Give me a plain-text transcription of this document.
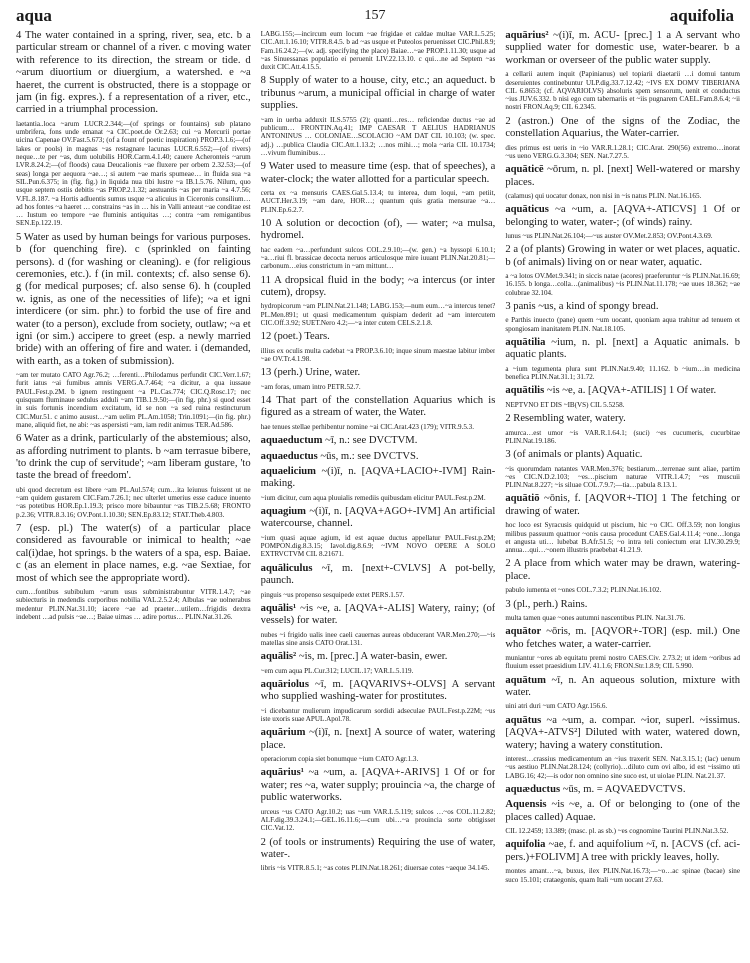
aqua	157	aquifolia

4 The water contained in a spring, river, sea, etc. b a particular stream or channel of a river. c moving water with reference to its direction, the stream or tide. d ~arum diuortium or diuergium, a watershed. e ~a haeret, the current is obstructed, there is a stoppage or jam (in fig. expres.). f a representation of a river, etc., carried in a triumphal procession.

laetantia..loca ~arum LUCR.2.344;—(of springs or fountains) sub platano umbrifera, fons unde emanat ~a CIC.poet.de Or.2.63; cui ~a Mercurii portae uicina Capenae OV.Fast.5.673; (of a fount of poetic inspiration) PROP.3.1.6;—(of lakes or pools) in magnas ~as restagnare lacunas LUCR.6.552;—(of rivers) neque…te per ~as, dum uolubilis HOR.Carm.4.1.40; cauere Acheronteis ~arum LVR.8.24.2;—(of floods) caua Deucalionis ~ae fluxere per orbem 2.32.53;—(of seas) longa per aequora ~ae…; si autem ~ae maris spumeae… in fluida sua ~a SIL.Pun.6.375; in (fig. fig.) in liquida nua tibi lustre ~a IB.1.5.76. Nilum, quo usque septem ostiis debitis ~as PROP.2.1.32; aestuantis ~as per maria ~a 4.7.56; V.FL.8.187. ~a Hortis adluentis sumus usque ~a alicuius in Ciceronis consilium…ad hos fontes ~a haeret … constrains ~as in … his in Valli anteaut ~ae conditae est … Iustum eo tempore ~ae fluminis antiquitas …; contra ~am remigantibus SEN.Ep.122.19.

5 Water as used by human beings for various purposes. b (for quenching fire). c (sprinkled on fainting persons). d (for washing or cleaning). e (for religious ceremonies, etc.). f (in mil. contexts; cf. also sense 6). g (for medical purposes; cf. also sense 6). h (coupled w. ignis, as one of the necessities of life); ~a et igni interdicere (or sim. phr.) to forbid the use of fire and water (to a person), exclude from society, outlaw; ~a et igni (or sim.) accipere to greet (esp. a newly married bride) with an offering of fire and water. i (demanded, with earth, as a token of submission).

~am ter mutato CATO Agr.76.2; …ferenti…Philodamus perfundit CIC.Verr.1.67; furit iatus ~ai fumibus amnis VERG.A.7.464; ~a dicitur, a qua iussaue PAUL.Fest.p.2M. b ignem restinguent ~a PL.Cas.774; CIC.Q.Rosc.17; nec quisquam fluminaue sedulus adduli ~am TIB.1.9.50;—(in fig. phr.) si quod esset in suis fortunis incendium excitatum, id se non ~a sed ruina restincturum CIC.Mur.51. c animo ausust…~am uelim PL.Am.1058; Trin.1091;—(in fig. phr.) mane, aliquid fiet, ne abi: ~as aspersisti ~am, iam redit animus TER.Ad.586.

6 Water as a drink, particularly of the abstemious; also, as affording nutriment to plants. b ~am terrasue bibere, 'to drink the cup of servitude'; ~am liberam gustare, 'to taste the bread of freedom'.

ubi quod decretum est libere ~am PL.Aul.574; cum…ita leiunus fuissent ut ne ~am quidem gustarem CIC.Fam.7.26.1; nec ulterlet umerius esse caduce inuento ~as potetibus HOR.Ep.1.19.3; prisco more bibauntur ~as TIB.2.5.68; FRONTO p.2.36; VITR.8.3.16; OV.Pont.1.10.30; SEN.Ep.83.12; STAT.Theb.4.803.

7 (esp. pl.) The water(s) of a particular place considered as favourable or inimical to health; ~ae cal(i)dae, hot springs. b the waters of a spa, esp. Baiae. c (as an element in place names, e.g. ~ae Sextiae, for most of which see the appropriate word).

cum…fontibus subibulum ~arum usus subministrabuntur VITR.1.4.7; ~ae subiecturis in medendis corporibus nobilia VAL.2.5.2.4; Albulas ~ae uolnerabus medentur PLIN.Nat.31.10; iacere ~ae ad praeter…utilem…frigidis dextra indebent …ad pulsis ~ae…; Baiae uimas … adire portus… PLIN.Nat.31.26.

LABG.155;—incircum eum locum ~ae frigidae et caldae multae VAR.L.5.25; CIC.Att.1.16.10; VITR.8.4.5. b ad ~as usque et Puteolos peruenisset CIC.Phil.8.9; Fam.16.24.2;—(w. adj. specifying the place) Baiae…~ae PROP.1.11.30; usque ad ~as Sinuessanas populatio ei peruenit LIV.22.13.10. c qui…ne ad Septem ~as duxit CIC.Att.4.15.5.

8 Supply of water to a house, city, etc.; an aqueduct. b tribunus ~arum, a municipal official in charge of water supplies.

~am in uerba adduxit ILS.5755 (2); quanti…res… reficiendae ductus ~ae ad publicum… FRONTIN.Aq.41; IMP CAESAR T AELIUS HADRIANUS ANTONINUS … COLONIAE…SCOLACIO ~AM DAT CIL 10.103; (w. spec. adj.) …publica Claudia CIC.Att.1.13.2; …nos mihi…; mola ~aria CIL 10.1734; …vivum fluminibus…

9 Water used to measure time (esp. that of speeches), a water-clock; the water allotted for a particular speech.

certa ex ~a mensuris CAES.Gal.5.13.4; tu interea, dum loqui, ~am petiit, AUCT.Her.3.19; ~am dare, HOR…; quantum quis gratia mensurae ~a… PLIN.Ep.6.2.7.

10 A solution or decoction (of), — water; ~a mulsa, hydromel.

hac eadem ~a…perfundunt sulcos COL.2.9.10;—(w. gen.) ~a hyssopi 6.10.1; ~a…riui fl. brassicae decocta neruos articulosque mire iuuant PLIN.Nat.20.81;—carbonum…eius constrictum in ~am mittunt…

11 A dropsical fluid in the body; ~a intercus (or inter cutem), dropsy.

hydropicorum ~am PLIN.Nat.21.148; LABG.153;—num eum…~a intercus tenet? PL.Men.891; ut quasi medicamentum quispiam dederit ad ~am intercutem CIC.Off.3.92; SUET.Nero 4.2;—~a inter cutem CELS.2.1.8.

12 (poet.) Tears.

illius ex oculis multa cadebat ~a PROP.3.6.10; inque sinum maestae labitur imber ~ae OV.Tr.4.1.98.

13 (perh.) Urine, water.

~am foras, umam intro PETR.52.7.

14 That part of the constellation Aquarius which is figured as a stream of water, the Water.

hae tenues stellae perhibentur nomine ~ai CIC.Arat.423 (179); VITR.9.5.3.

aquaeductum ~ī, n.: see DVCTVM.

aquaeductus ~ūs, m.: see DVCTVS.

aquaelicium ~(i)ī, n. [AQVA+LACIO+-IVM] Rain-making.

~ium dicitur, cum aqua pluuialis remediis quibusdam elicitur PAUL.Fest.p.2M.

aquagium ~(i)ī, n. [AQVA+AGO+-IVM] An artificial watercourse, channel.

~ium quasi aquae agium, id est aquae ductus appellatur PAUL.Fest.p.2M; POMPON.dig.8.3.15; Iavol.dig.8.6.9; ~IVM NOVO OPERE A SOLO EXTRVCTVM CIL 8.21671.

aquāliculus ~ī, m. [next+-CVLVS] A pot-belly, paunch.

pinguis ~us propenso sesquipede extet PERS.1.57.

aquālis¹ ~is ~e, a. [AQVA+-ALIS] Watery, rainy; (of vessels) for water.

nubes ~i frigido ualis inee caeli cauernas aureas obducerant VAR.Men.270;—~is matellas sine ansis CATO Orat.131.

aquālis² ~is, m. [prec.] A water-basin, ewer.

~em cum aqua PL.Cur.312; LUCIL.17; VAR.L.5.119.

aquāriolus ~ī, m. [AQVARIVS+-OLVS] A servant who supplied washing-water for prostitutes.

~i dicebantur mulierum impudicarum sordidi adseculae PAUL.Fest.p.22M; ~us iste uxoris suae APUL.Apol.78.

aquārium ~(i)ī, n. [next] A source of water, watering place.

operaciorum copia siet bonumque ~ium CATO Agr.1.3.

aquārius¹ ~a ~um, a. [AQVA+-ARIVS] 1 Of or for water; res ~a, water supply; prouincia ~a, the charge of public waterworks.

urceus ~us CATO Agr.10.2; uas ~um VAR.L.5.119; sulcos …~os COL.11.2.82; ALF.dig.39.3.24.1;—GEL.16.11.6;—cum ubi…~a prouincia sorte obtigisset CIC.Vat.12.

2 (of tools or instruments) Requiring the use of water, water-.

libris ~is VITR.8.5.1; ~as cotes PLIN.Nat.18.261; diuersae cotes ~aeque 34.145.

aquārius² ~(i)ī, m. ACU- [prec.] 1 a A servant who supplied water for domestic use, water-bearer. b a workman or overseer of the public water supply.

a cellarii autem inquit (Papinianus) uel topiarii diaetarii …i domui tantum deseruientes continebuntur ULP.dig.33.7.12.42; ~IVS EX DOMV TIBERIANA CIL 6.8653; (cf. AQVARIOLVS) absoluris spem sensorum, uenit et conductus ~ius JUV.6.332. b nisi ego cum tabernariis et ~iis pugnarem CAEL.Fam.8.6.4; ~ii nostri FRON.Aq.9; CIL 6.2345.

2 (astron.) One of the signs of the Zodiac, the constellation Aquarius, the Water-carrier.

dies primus est ueris in ~io VAR.R.1.28.1; CIC.Arat. 290(56) extremo…inorat ~us ueno VERG.G.3.304; SEN. Nat.7.27.5.

aquāticē ~ōrum, n. pl. [next] Well-watered or marshy places.

(calamus) qui uocatur donax, non nisi in ~is natus PLIN. Nat.16.165.

aquāticus ~a ~um, a. [AQVA+-ATICVS] 1 Of or belonging to water, water-; (of winds) rainy.

lunus ~us PLIN.Nat.26.104;—~us auster OV.Met.2.853; OV.Pont.4.3.69.

2 a (of plants) Growing in water or wet places, aquatic. b (of animals) living on or near water, aquatic.

a ~a lotos OV.Met.9.341; in siccis natae (acores) praeferuntur ~is PLIN.Nat.16.69; 16.155. b longa…colla…(animalibus) ~is PLIN.Nat.11.178; ~ae uues 18.362; ~ae colubrae 32.104.

3 panis ~us, a kind of spongy bread.

e Parthis inuecto (pane) quem ~um uocant, quoniam aqua trahitur ad tenuem et spongiosam inanitatem PLIN. Nat.18.105.

aquātilia ~ium, n. pl. [next] a Aquatic animals. b aquatic plants.

a ~ium tegumenta plura sunt PLIN.Nat.9.40; 11.162. b ~ium…in medicina benefica PLIN.Nat.31.1; 31.72.

aquātilis ~is ~e, a. [AQVA+-ATILIS] 1 Of water.

NEPTVNO ET DIS ~IB(VS) CIL 5.5258.

2 Resembling water, watery.

amurca…est umor ~is VAR.R.1.64.1; (suci) ~es cucumeris, cucurbitae PLIN.Nat.19.186.

3 (of animals or plants) Aquatic.

~is quorumdam natantes VAR.Men.376; bestiarum…terrenae sunt aliae, partim ~es CIC.N.D.2.103; ~es…piscium naturae VITR.1.4.7; ~es muscuii PLIN.Nat.8.227; ~is siluae COL.7.9.7;—tia…pabula 8.13.1.

aquātiō ~ōnis, f. [AQVOR+-TIO] 1 The fetching or drawing of water.

hoc loco est Syracusis quidquid ut piscium, hic ~o CIC. Off.3.59; non longius milibus passuum quattuor ~onis causa procedunt CAES.Gal.4.11.4; ~one…longa et angusta uti… lubebat B.Afr.51.5; ~o intra teli coniectum erat LIV.30.29.9; annua…qui…~onem illustris praebebat 41.21.9.

2 A place from which water may be drawn, watering-place.

pabulo iumenta et ~ones COL.7.3.2; PLIN.Nat.16.102.

3 (pl., perh.) Rains.

multa tamen quae ~ones autumni nascentibus PLIN. Nat.31.76.

aquātor ~ōris, m. [AQVOR+-TOR] (esp. mil.) One who fetches water, a water-carrier.

muniantur ~ores ab equitatu premi nostro CAES.Civ. 2.73.2; ut idem ~oribus ad fluuium esset praesidium LIV. 41.1.6; FRON.Str.1.8.9; CIL 5.990.

aquātum ~ī, n. An aqueous solution, mixture with water.

uini atri duri ~um CATO Agr.156.6.

aquātus ~a ~um, a. compar. ~ior, superl. ~issimus. [AQVA+-ATVS²] Diluted with water, watered down, watery; having a watery constitution.

interest…crassius medicamentum an ~ius traxerit SEN. Nat.3.15.1; (lac) uenum ~us aestiuo PLIN.Nat.28.124; (collyrio)…diluto cum ovi albo, id est ~issimo uti LABG.16; 42;—is odor non omnino sine suco est, ut uiolae PLIN. Nat.21.37.

aquæductus ~ūs, m. = AQVAEDVCTVS.

Aquensis ~is ~e, a. Of or belonging to (one of the places called) Aquae.

CIL 12.2459; 13.389; (masc. pl. as sb.) ~es cognomine Taurini PLIN.Nat.3.52.

aquifolia ~ae, f. and aquifolium ~ī, n. [ACVS (cf. aci-pers.)+FOLIVM] A tree with prickly leaves, holly.

montes amant…~a, buxus, ilex PLIN.Nat.16.73;—~o…ac spinae (bacae) sine suco 15.101; crataegonis, quam Itali ~um uocant 27.63.
